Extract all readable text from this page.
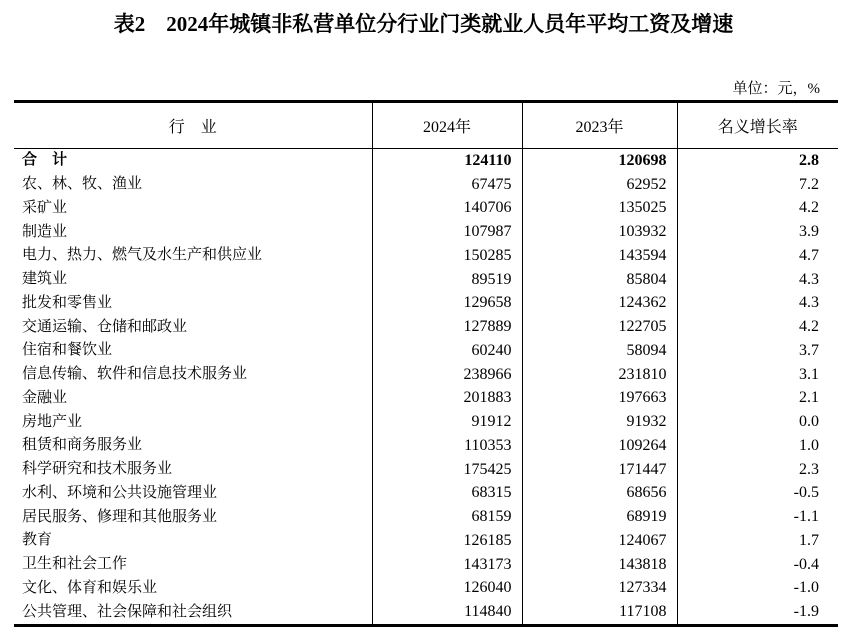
表2　2024年城镇非私营单位分行业门类就业人员年平均工资及增速
单位：元，%
行　业	2024年	2023年	名义增长率
合　计	124110	120698	2.8
农、林、牧、渔业	67475	62952	7.2
采矿业	140706	135025	4.2
制造业	107987	103932	3.9
电力、热力、燃气及水生产和供应业	150285	143594	4.7
建筑业	89519	85804	4.3
批发和零售业	129658	124362	4.3
交通运输、仓储和邮政业	127889	122705	4.2
住宿和餐饮业	60240	58094	3.7
信息传输、软件和信息技术服务业	238966	231810	3.1
金融业	201883	197663	2.1
房地产业	91912	91932	0.0
租赁和商务服务业	110353	109264	1.0
科学研究和技术服务业	175425	171447	2.3
水利、环境和公共设施管理业	68315	68656	-0.5
居民服务、修理和其他服务业	68159	68919	-1.1
教育	126185	124067	1.7
卫生和社会工作	143173	143818	-0.4
文化、体育和娱乐业	126040	127334	-1.0
公共管理、社会保障和社会组织	114840	117108	-1.9
